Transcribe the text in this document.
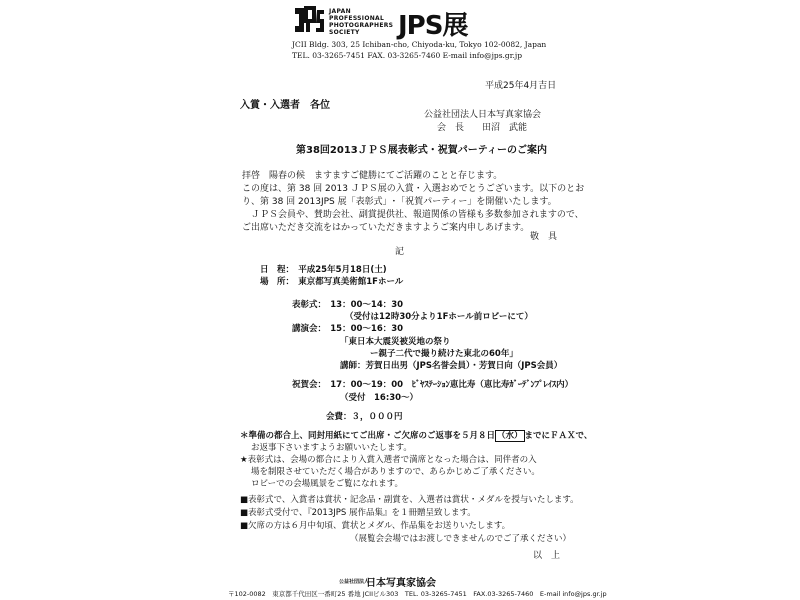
JAPAN
PROFESSIONAL
PHOTOGRAPHERS
SOCIETY	JPS展
JCII Bldg. 303, 25 Ichiban-cho, Chiyoda-ku, Tokyo 102-0082, Japan
TEL. 03-3265-7451 FAX. 03-3265-7460 E-mail info@jps.gr.jp
平成25年4月吉日
入賞・入選者　各位
公益社団法人日本写真家協会
会　長　　田沼　武能
第38回2013ＪＰＳ展表彰式・祝賀パーティーのご案内
拝啓　陽春の候　ますますご健勝にてご活躍のことと存じます。
この度は、第 38 回 2013 ＪＰＳ展の入賞・入選おめでとうございます。以下のとお
り、第 38 回 2013JPS 展「表彰式」･「祝賀パーティー」を開催いたします。
　ＪＰＳ会員や、賛助会社、副賞提供社、報道関係の皆様も多数参加されますので、
ご出席いただき交流をはかっていただきますようご案内申しあげます。
敬　具
記
日　程：　平成25年5月18日(土)
場　所：　東京都写真美術館1Fホール
表彰式：　13：00～14：30
（受付は12時30分より1Fホール前ロビーにて）
講演会：　15：00～16：30
「東日本大震災被災地の祭り
ー親子二代で撮り続けた東北の60年」
講師：芳賀日出男（JPS名誉会員）・芳賀日向（JPS会員）
祝賀会：　17：00～19：00　ﾋﾞﾔｽﾃｰｼｮﾝ恵比寿（恵比寿ｶﾞｰﾃﾞﾝﾌﾟﾚｲｽ内）
（受付　16:30～）
会費：３，０００円
＊準備の都合上、同封用紙にてご出席・ご欠席のご返事を５月８日 （水） までにＦＡＸで、
お返事下さいますようお願いいたします。
★表彰式は、会場の都合により入賞入選者で満席となった場合は、同伴者の入
場を制限させていただく場合がありますので、あらかじめご了承ください。
ロビーでの会場風景をご覧になれます。
■表彰式で、入賞者は賞状・記念品・副賞を、入選者は賞状・メダルを授与いたします。
■表彰式受付で、『2013JPS 展作品集』を１冊贈呈致します。
■欠席の方は６月中旬頃、賞状とメダル、作品集をお送りいたします。
（展覧会会場ではお渡しできませんのでご了承ください）
以　上
公益社団法人
日本写真家協会
〒102-0082　東京都千代田区一番町25 番地 JCIIビル303　TEL. 03-3265-7451　FAX.03-3265-7460　E-mail info@jps.gr.jp
